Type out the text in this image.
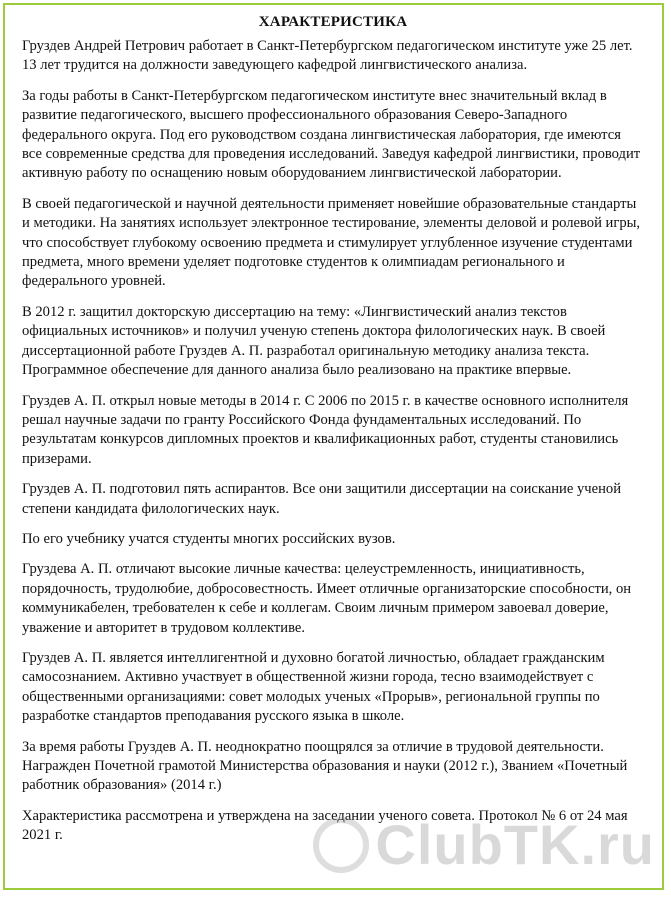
ХАРАКТЕРИСТИКА

Груздев Андрей Петрович работает в Санкт-Петербургском педагогическом институте уже 25 лет. 13 лет трудится на должности заведующего кафедрой лингвистического анализа.

За годы работы в Санкт-Петербургском педагогическом институте внес значительный вклад в развитие педагогического, высшего профессионального образования Северо-Западного федерального округа. Под его руководством создана лингвистическая лаборатория, где имеются все современные средства для проведения исследований. Заведуя кафедрой лингвистики, проводит активную работу по оснащению новым оборудованием лингвистической лаборатории.

В своей педагогической и научной деятельности применяет новейшие образовательные стандарты и методики. На занятиях использует электронное тестирование, элементы деловой и ролевой игры, что способствует глубокому освоению предмета и стимулирует углубленное изучение студентами предмета, много времени уделяет подготовке студентов к олимпиадам регионального и федерального уровней.

В 2012 г. защитил докторскую диссертацию на тему: «Лингвистический анализ текстов официальных источников» и получил ученую степень доктора филологических наук. В своей диссертационной работе Груздев А. П. разработал оригинальную методику анализа текста. Программное обеспечение для данного анализа было реализовано на практике впервые.

Груздев А. П. открыл новые методы в 2014 г. С 2006 по 2015 г. в качестве основного исполнителя решал научные задачи по гранту Российского Фонда фундаментальных исследований. По результатам конкурсов дипломных проектов и квалификационных работ, студенты становились призерами.

Груздев А. П. подготовил пять аспирантов. Все они защитили диссертации на соискание ученой степени кандидата филологических наук.

По его учебнику учатся студенты многих российских вузов.

Груздева А. П. отличают высокие личные качества: целеустремленность, инициативность, порядочность, трудолюбие, добросовестность. Имеет отличные организаторские способности, он коммуникабелен, требователен к себе и коллегам. Своим личным примером завоевал доверие, уважение и авторитет в трудовом коллективе.

Груздев А. П. является интеллигентной и духовно богатой личностью, обладает гражданским самосознанием. Активно участвует в общественной жизни города, тесно взаимодействует с общественными организациями: совет молодых ученых «Прорыв», региональной группы по разработке стандартов преподавания русского языка в школе.

За время работы Груздев А. П. неоднократно поощрялся за отличие в трудовой деятельности. Награжден Почетной грамотой Министерства образования и науки (2012 г.), Званием «Почетный работник образования» (2014 г.)

Характеристика рассмотрена и утверждена на заседании ученого совета. Протокол № 6 от 24 мая 2021 г.	ClubTK.ru
